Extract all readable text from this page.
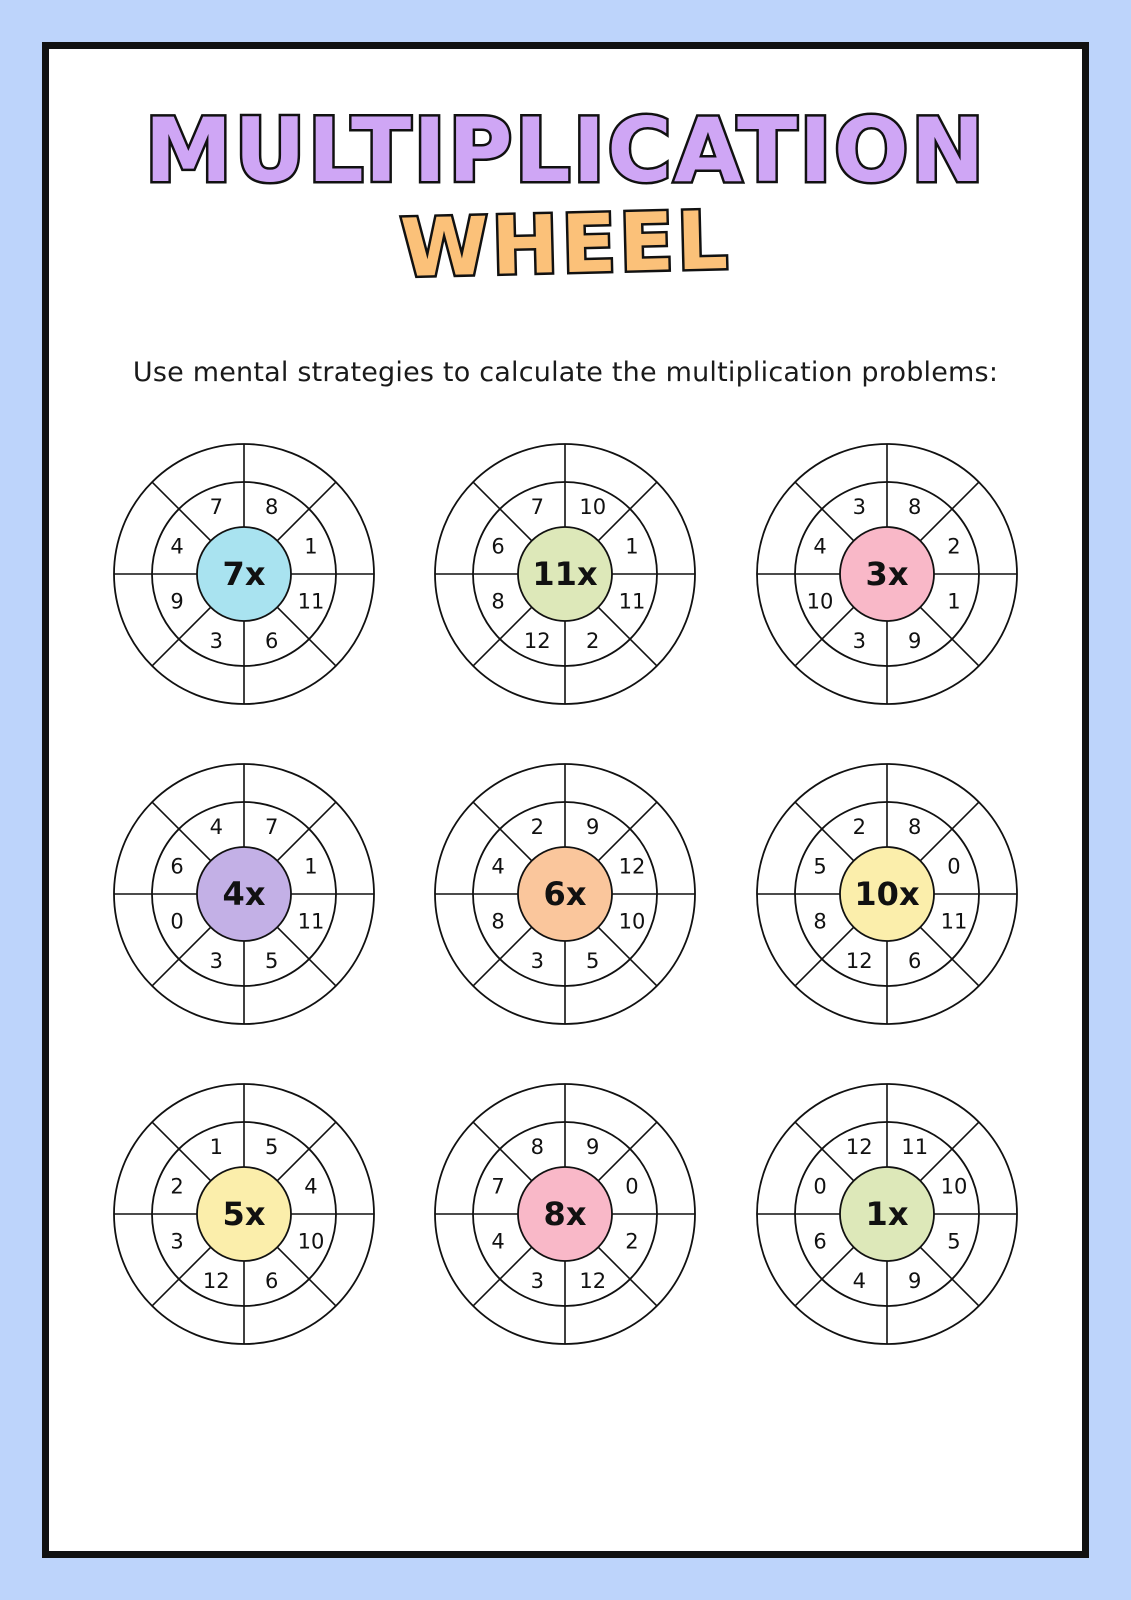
MULTIPLICATION
WHEEL
Use mental strategies to calculate the multiplication problems:
8
1
11
6
3
9
4
7
7x
10
1
11
2
12
8
6
7
11x
8
2
1
9
3
10
4
3
3x
7
1
11
5
3
0
6
4
4x
9
12
10
5
3
8
4
2
6x
8
0
11
6
12
8
5
2
10x
5
4
10
6
12
3
2
1
5x
9
0
2
12
3
4
7
8
8x
11
10
5
9
4
6
0
12
1x
